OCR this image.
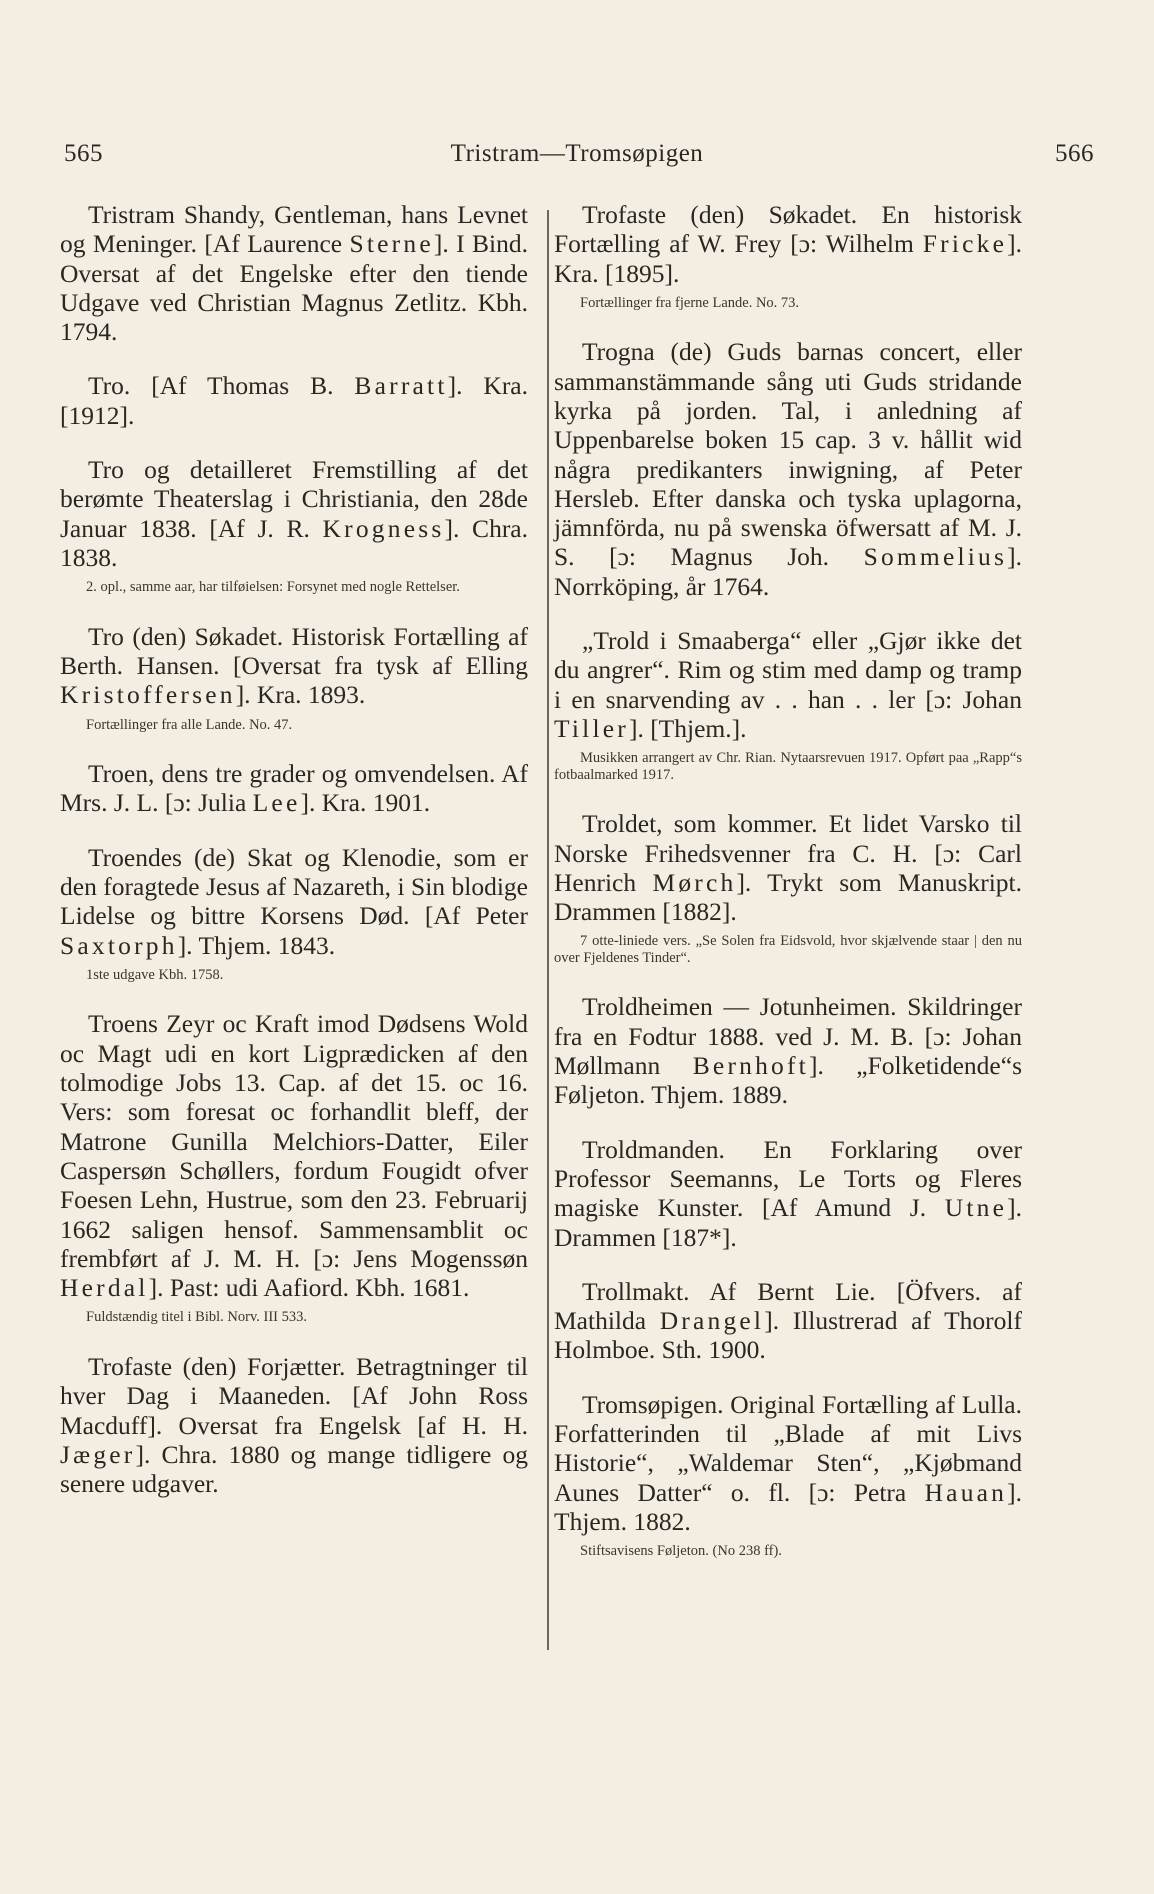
565	Tristram—Tromsøpigen	566

Tristram Shandy, Gentleman, hans Levnet og Meninger. [Af Laurence Sterne]. I Bind. Oversat af det Engelske efter den tiende Udgave ved Christian Magnus Zetlitz. Kbh. 1794.

Tro. [Af Thomas B. Barratt]. Kra. [1912].

Tro og detailleret Fremstilling af det berømte Theaterslag i Christiania, den 28de Januar 1838. [Af J. R. Krogness]. Chra. 1838.

2. opl., samme aar, har tilføielsen: Forsynet med nogle Rettelser.

Tro (den) Søkadet. Historisk Fortælling af Berth. Hansen. [Oversat fra tysk af Elling Kristoffersen]. Kra. 1893.

Fortællinger fra alle Lande. No. 47.

Troen, dens tre grader og omvendelsen. Af Mrs. J. L. [ɔ: Julia Lee]. Kra. 1901.

Troendes (de) Skat og Klenodie, som er den foragtede Jesus af Nazareth, i Sin blodige Lidelse og bittre Korsens Død. [Af Peter Saxtorph]. Thjem. 1843.

1ste udgave Kbh. 1758.

Troens Zeyr oc Kraft imod Dødsens Wold oc Magt udi en kort Ligprædicken af den tolmodige Jobs 13. Cap. af det 15. oc 16. Vers: som foresat oc forhandlit bleff, der Matrone Gunilla Melchiors-Datter, Eiler Caspersøn Schøllers, fordum Fougidt ofver Foesen Lehn, Hustrue, som den 23. Februarij 1662 saligen hensof. Sammensamblit oc frembført af J. M. H. [ɔ: Jens Mogenssøn Herdal]. Past: udi Aafiord. Kbh. 1681.

Fuldstændig titel i Bibl. Norv. III 533.

Trofaste (den) Forjætter. Betragtninger til hver Dag i Maaneden. [Af John Ross Macduff]. Oversat fra Engelsk [af H. H. Jæger]. Chra. 1880 og mange tidligere og senere udgaver.

Trofaste (den) Søkadet. En historisk Fortælling af W. Frey [ɔ: Wilhelm Fricke]. Kra. [1895].

Fortællinger fra fjerne Lande. No. 73.

Trogna (de) Guds barnas concert, eller sammanstämmande sång uti Guds stridande kyrka på jorden. Tal, i anledning af Uppenbarelse boken 15 cap. 3 v. hållit wid några predikanters inwigning, af Peter Hersleb. Efter danska och tyska uplagorna, jämnförda, nu på swenska öfwersatt af M. J. S. [ɔ: Magnus Joh. Sommelius]. Norrköping, år 1764.

„Trold i Smaaberga“ eller „Gjør ikke det du angrer“. Rim og stim med damp og tramp i en snarvending av . . han . . ler [ɔ: Johan Tiller]. [Thjem.].

Musikken arrangert av Chr. Rian. Nytaarsrevuen 1917. Opført paa „Rapp“s fotbaalmarked 1917.

Troldet, som kommer. Et lidet Varsko til Norske Frihedsvenner fra C. H. [ɔ: Carl Henrich Mørch]. Trykt som Manuskript. Drammen [1882].

7 otte-liniede vers. „Se Solen fra Eidsvold, hvor skjælvende staar | den nu over Fjeldenes Tinder“.

Troldheimen — Jotunheimen. Skildringer fra en Fodtur 1888. ved J. M. B. [ɔ: Johan Møllmann Bernhoft]. „Folketidende“s Føljeton. Thjem. 1889.

Troldmanden. En Forklaring over Professor Seemanns, Le Torts og Fleres magiske Kunster. [Af Amund J. Utne]. Drammen [187*].

Trollmakt. Af Bernt Lie. [Öfvers. af Mathilda Drangel]. Illustrerad af Thorolf Holmboe. Sth. 1900.

Tromsøpigen. Original Fortælling af Lulla. Forfatterinden til „Blade af mit Livs Historie“, „Waldemar Sten“, „Kjøbmand Aunes Datter“ o. fl. [ɔ: Petra Hauan]. Thjem. 1882.

Stiftsavisens Føljeton. (No 238 ff).
